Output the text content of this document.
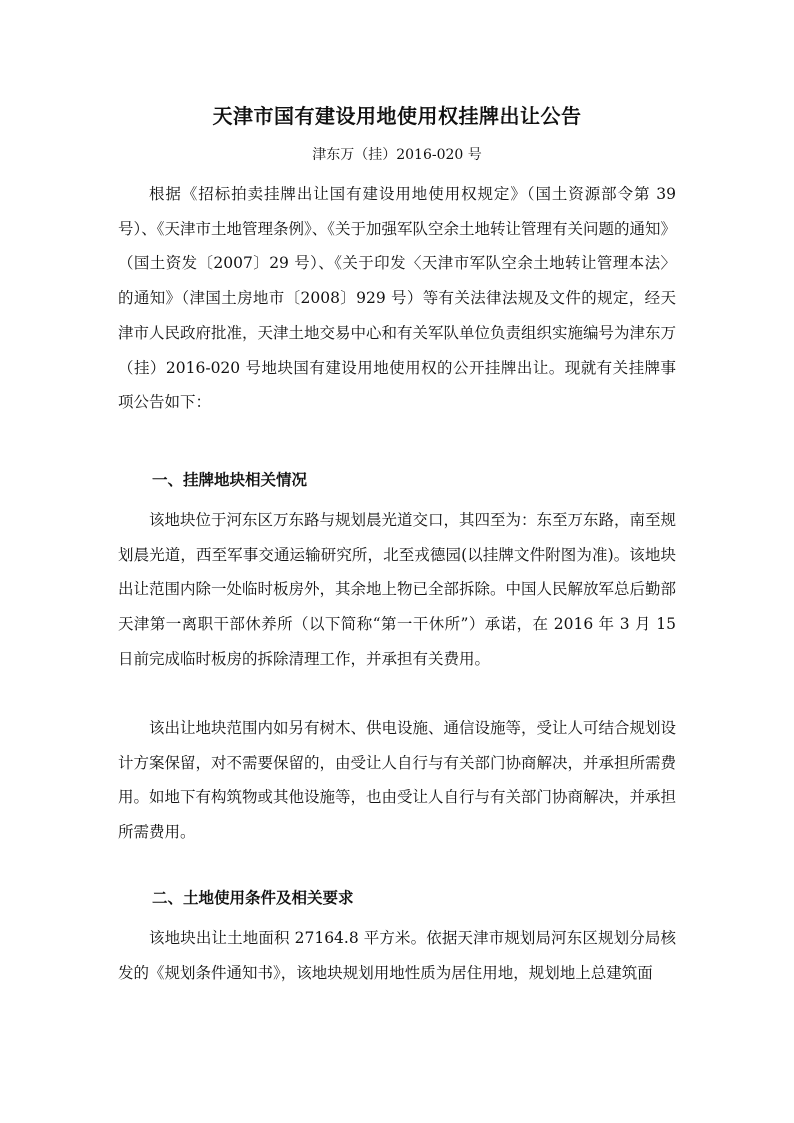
天津市国有建设用地使用权挂牌出让公告
津东万（挂）2016-020 号

根据《招标拍卖挂牌出让国有建设用地使用权规定》（国土资源部令第 39 号）、《天津市土地管理条例》、《关于加强军队空余土地转让管理有关问题的通知》（国土资发〔2007〕29 号）、《关于印发〈天津市军队空余土地转让管理本法〉的通知》（津国土房地市〔2008〕929 号）等有关法律法规及文件的规定，经天津市人民政府批准，天津土地交易中心和有关军队单位负责组织实施编号为津东万（挂）2016-020 号地块国有建设用地使用权的公开挂牌出让。现就有关挂牌事项公告如下：

一、挂牌地块相关情况

该地块位于河东区万东路与规划晨光道交口，其四至为：东至万东路，南至规划晨光道，西至军事交通运输研究所，北至戎德园(以挂牌文件附图为准)。该地块出让范围内除一处临时板房外，其余地上物已全部拆除。中国人民解放军总后勤部天津第一离职干部休养所（以下简称“第一干休所”）承诺，在 2016 年 3 月 15 日前完成临时板房的拆除清理工作，并承担有关费用。

该出让地块范围内如另有树木、供电设施、通信设施等，受让人可结合规划设计方案保留，对不需要保留的，由受让人自行与有关部门协商解决，并承担所需费用。如地下有构筑物或其他设施等，也由受让人自行与有关部门协商解决，并承担所需费用。

二、土地使用条件及相关要求

该地块出让土地面积 27164.8 平方米。依据天津市规划局河东区规划分局核发的《规划条件通知书》，该地块规划用地性质为居住用地，规划地上总建筑面
